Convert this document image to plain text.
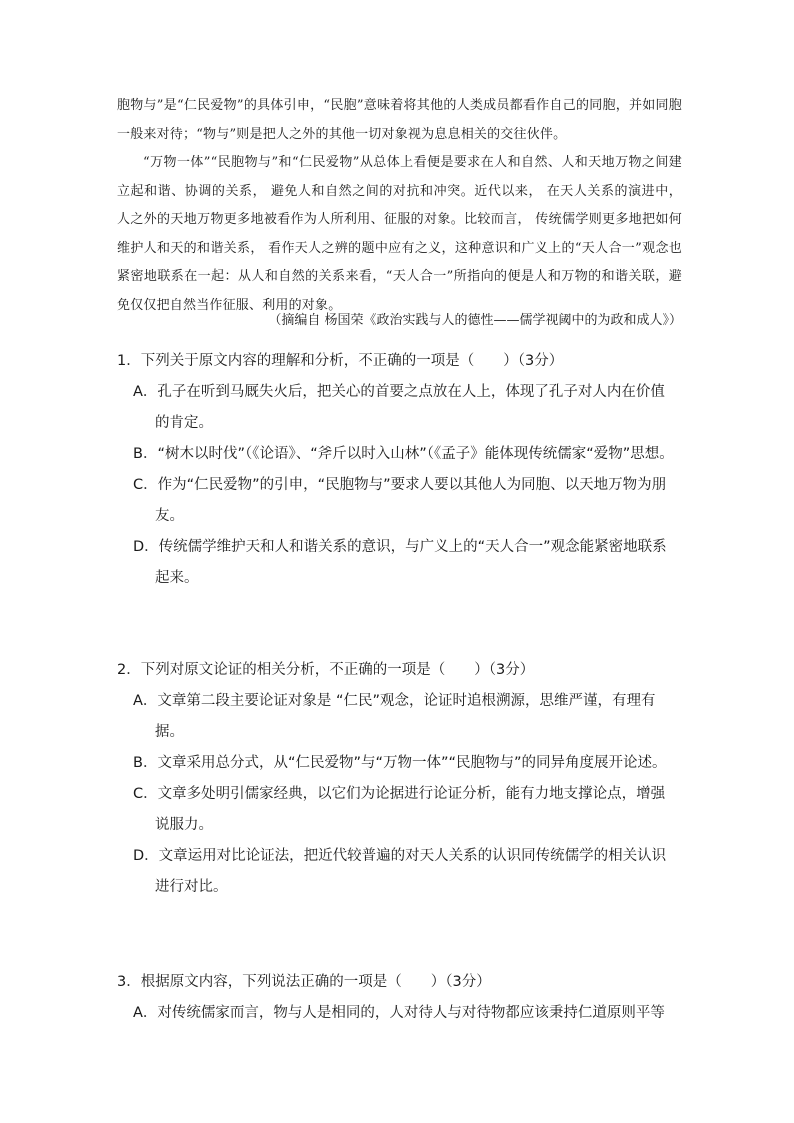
胞物与”是“仁民爱物”的具体引申，“民胞”意味着将其他的人类成员都看作自己的同胞，并如同胞一般来对待；“物与”则是把人之外的其他一切对象视为息息相关的交往伙伴。

“万物一体”“民胞物与”和“仁民爱物”从总体上看便是要求在人和自然、人和天地万物之间建立起和谐、协调的关系， 避免人和自然之间的对抗和冲突。近代以来， 在天人关系的演进中， 人之外的天地万物更多地被看作为人所利用、征服的对象。比较而言， 传统儒学则更多地把如何维护人和天的和谐关系， 看作天人之辨的题中应有之义，这种意识和广义上的“天人合一”观念也紧密地联系在一起：从人和自然的关系来看，“天人合一”所指向的便是人和万物的和谐关联，避免仅仅把自然当作征服、利用的对象。

（摘编自 杨国荣《政治实践与人的德性——儒学视阈中的为政和成人》）
1．下列关于原文内容的理解和分析，不正确的一项是（　　）（3分）
A．孔子在听到马厩失火后，把关心的首要之点放在人上，体现了孔子对人内在价值的肯定。
B．“树木以时伐”（《论语》、“斧斤以时入山林”（《孟子》能体现传统儒家“爱物”思想。
C．作为“仁民爱物”的引申，“民胞物与”要求人要以其他人为同胞、以天地万物为朋友。
D．传统儒学维护天和人和谐关系的意识，与广义上的“天人合一”观念能紧密地联系起来。
2．下列对原文论证的相关分析，不正确的一项是（　　）（3分）
A．文章第二段主要论证对象是 “仁民”观念，论证时追根溯源，思维严谨，有理有据。
B．文章采用总分式，从“仁民爱物”与“万物一体”“民胞物与”的同异角度展开论述。
C．文章多处明引儒家经典，以它们为论据进行论证分析，能有力地支撑论点，增强说服力。
D．文章运用对比论证法，把近代较普遍的对天人关系的认识同传统儒学的相关认识进行对比。
3．根据原文内容，下列说法正确的一项是（　　）（3分）
A．对传统儒家而言，物与人是相同的，人对待人与对待物都应该秉持仁道原则平等
